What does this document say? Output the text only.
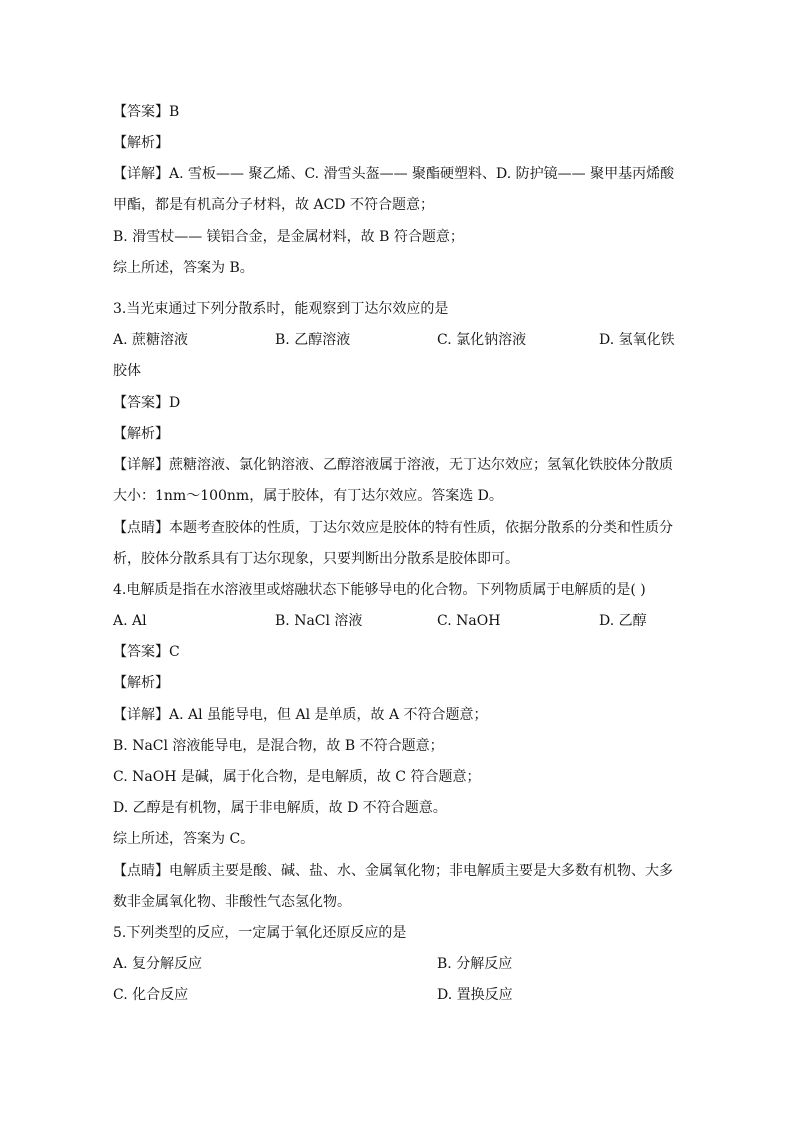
【答案】B
【解析】
【详解】A. 雪板—— 聚乙烯、C. 滑雪头盔—— 聚酯硬塑料、D. 防护镜—— 聚甲基丙烯酸
甲酯，都是有机高分子材料，故 ACD 不符合题意；
B. 滑雪杖—— 镁铝合金，是金属材料，故 B 符合题意；
综上所述，答案为 B。
3.当光束通过下列分散系时，能观察到丁达尔效应的是
A. 蔗糖溶液	B. 乙醇溶液	C. 氯化钠溶液	D. 氢氧化铁
胶体
【答案】D
【解析】
【详解】蔗糖溶液、氯化钠溶液、乙醇溶液属于溶液，无丁达尔效应；氢氧化铁胶体分散质
大小：1nm～100nm，属于胶体，有丁达尔效应。答案选 D。
【点睛】本题考查胶体的性质，丁达尔效应是胶体的特有性质，依据分散系的分类和性质分
析，胶体分散系具有丁达尔现象，只要判断出分散系是胶体即可。
4.电解质是指在水溶液里或熔融状态下能够导电的化合物。下列物质属于电解质的是( )
A. Al	B. NaCl 溶液	C. NaOH	D. 乙醇
【答案】C
【解析】
【详解】A. Al 虽能导电，但 Al 是单质，故 A 不符合题意；
B. NaCl 溶液能导电，是混合物，故 B 不符合题意；
C. NaOH 是碱，属于化合物，是电解质，故 C 符合题意；
D. 乙醇是有机物，属于非电解质，故 D 不符合题意。
综上所述，答案为 C。
【点睛】电解质主要是酸、碱、盐、水、金属氧化物；非电解质主要是大多数有机物、大多
数非金属氧化物、非酸性气态氢化物。
5.下列类型的反应，一定属于氧化还原反应的是
A. 复分解反应	B. 分解反应
C. 化合反应	D. 置换反应
